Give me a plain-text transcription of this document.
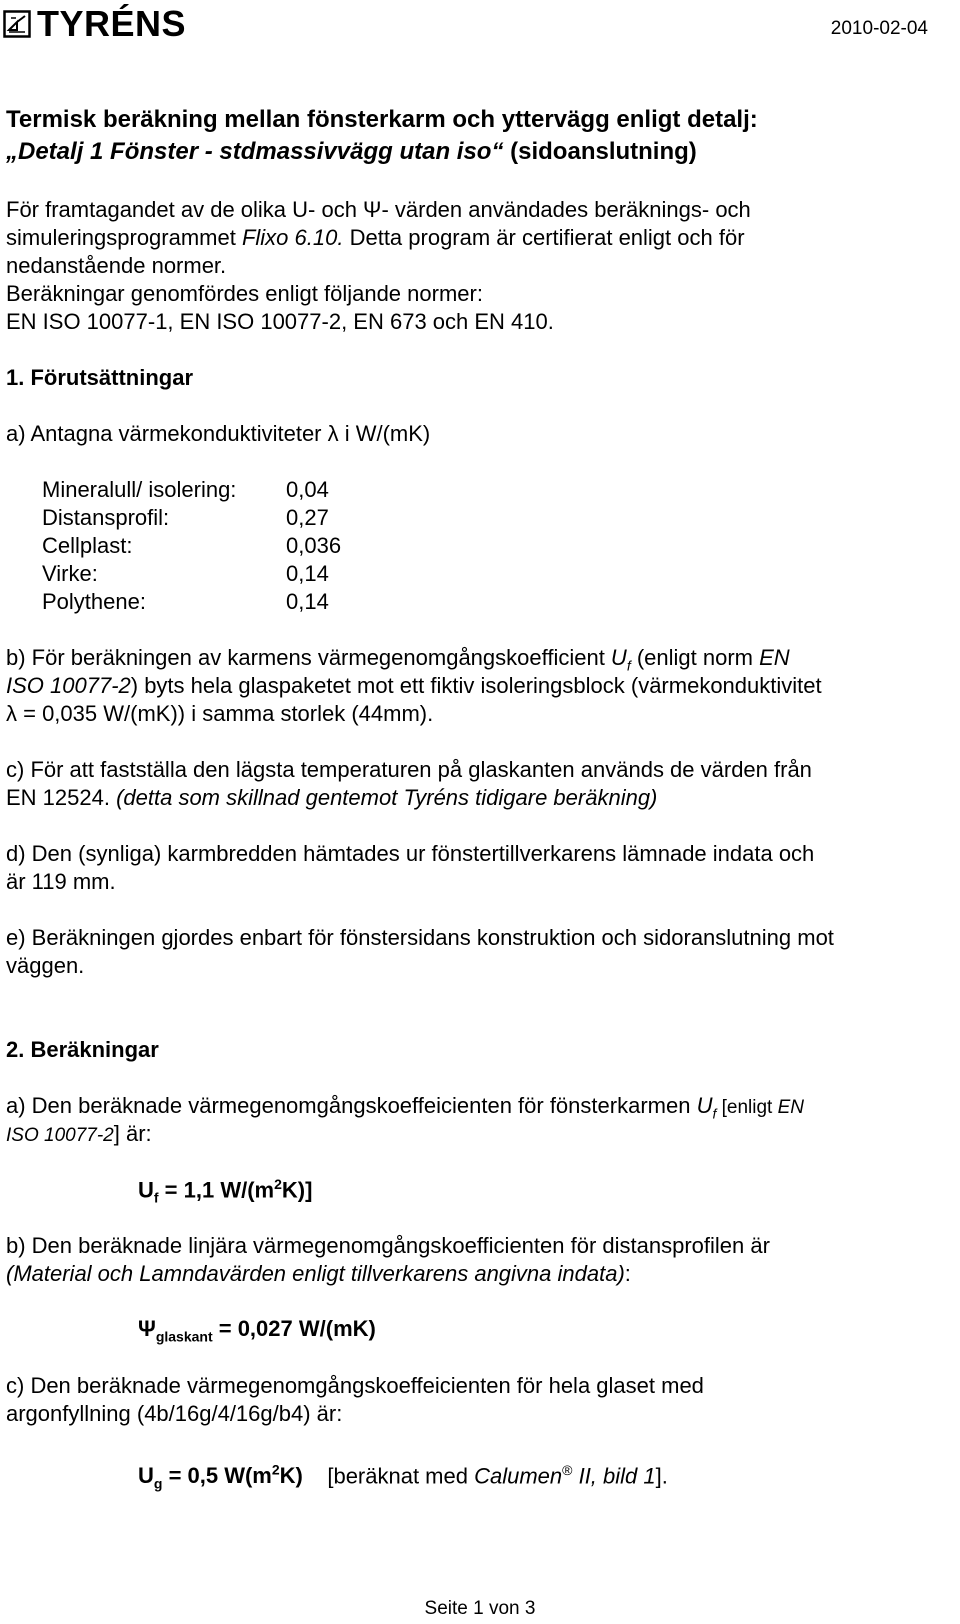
TYRÉNS	2010-02-04
Termisk beräkning mellan fönsterkarm och yttervägg enligt detalj:
„Detalj 1 Fönster - stdmassivvägg utan iso“ (sidoanslutning)
För framtagandet av de olika U- och Ψ- värden användades beräknings- och
simuleringsprogrammet Flixo 6.10. Detta program är certifierat enligt och för
nedanstående normer.
Beräkningar genomfördes enligt följande normer:
EN ISO 10077-1, EN ISO 10077-2, EN 673 och EN 410.
1. Förutsättningar
a) Antagna värmekonduktiviteter λ i W/(mK)
Mineralull/ isolering: 0,04
Distansprofil:	0,27
Cellplast:	0,036
Virke:	0,14
Polythene:	0,14
b) För beräkningen av karmens värmegenomgångskoefficient $U_f$ (enligt norm EN
ISO 10077-2) byts hela glaspaketet mot ett fiktiv isoleringsblock (värmekonduktivitet
λ = 0,035 W/(mK)) i samma storlek (44mm).
c) För att fastställa den lägsta temperaturen på glaskanten används de värden från
EN 12524. (detta som skillnad gentemot Tyréns tidigare beräkning)
d) Den (synliga) karmbredden hämtades ur fönstertillverkarens lämnade indata och
är 119 mm.
e) Beräkningen gjordes enbart för fönstersidans konstruktion och sidoranslutning mot
väggen.
2. Beräkningar
a) Den beräknade värmegenomgångskoeffeicienten för fönsterkarmen $U_f$ [enligt EN
ISO 10077-2] är:
$U_f = 1,1$ $W/(m^2K)$]
b) Den beräknade linjära värmegenomgångskoefficienten för distansprofilen är
(Material och Lamndavärden enligt tillverkarens angivna indata):
$\Psi_{glaskant} = 0,027$ W/(mK)
c) Den beräknade värmegenomgångskoeffeicienten för hela glaset med
argonfyllning (4b/16g/4/16g/b4) är:
$U_g = 0,5$ $W(m^2K)$    [beräknat med Calumen® II, bild 1].
Seite 1 von 3
